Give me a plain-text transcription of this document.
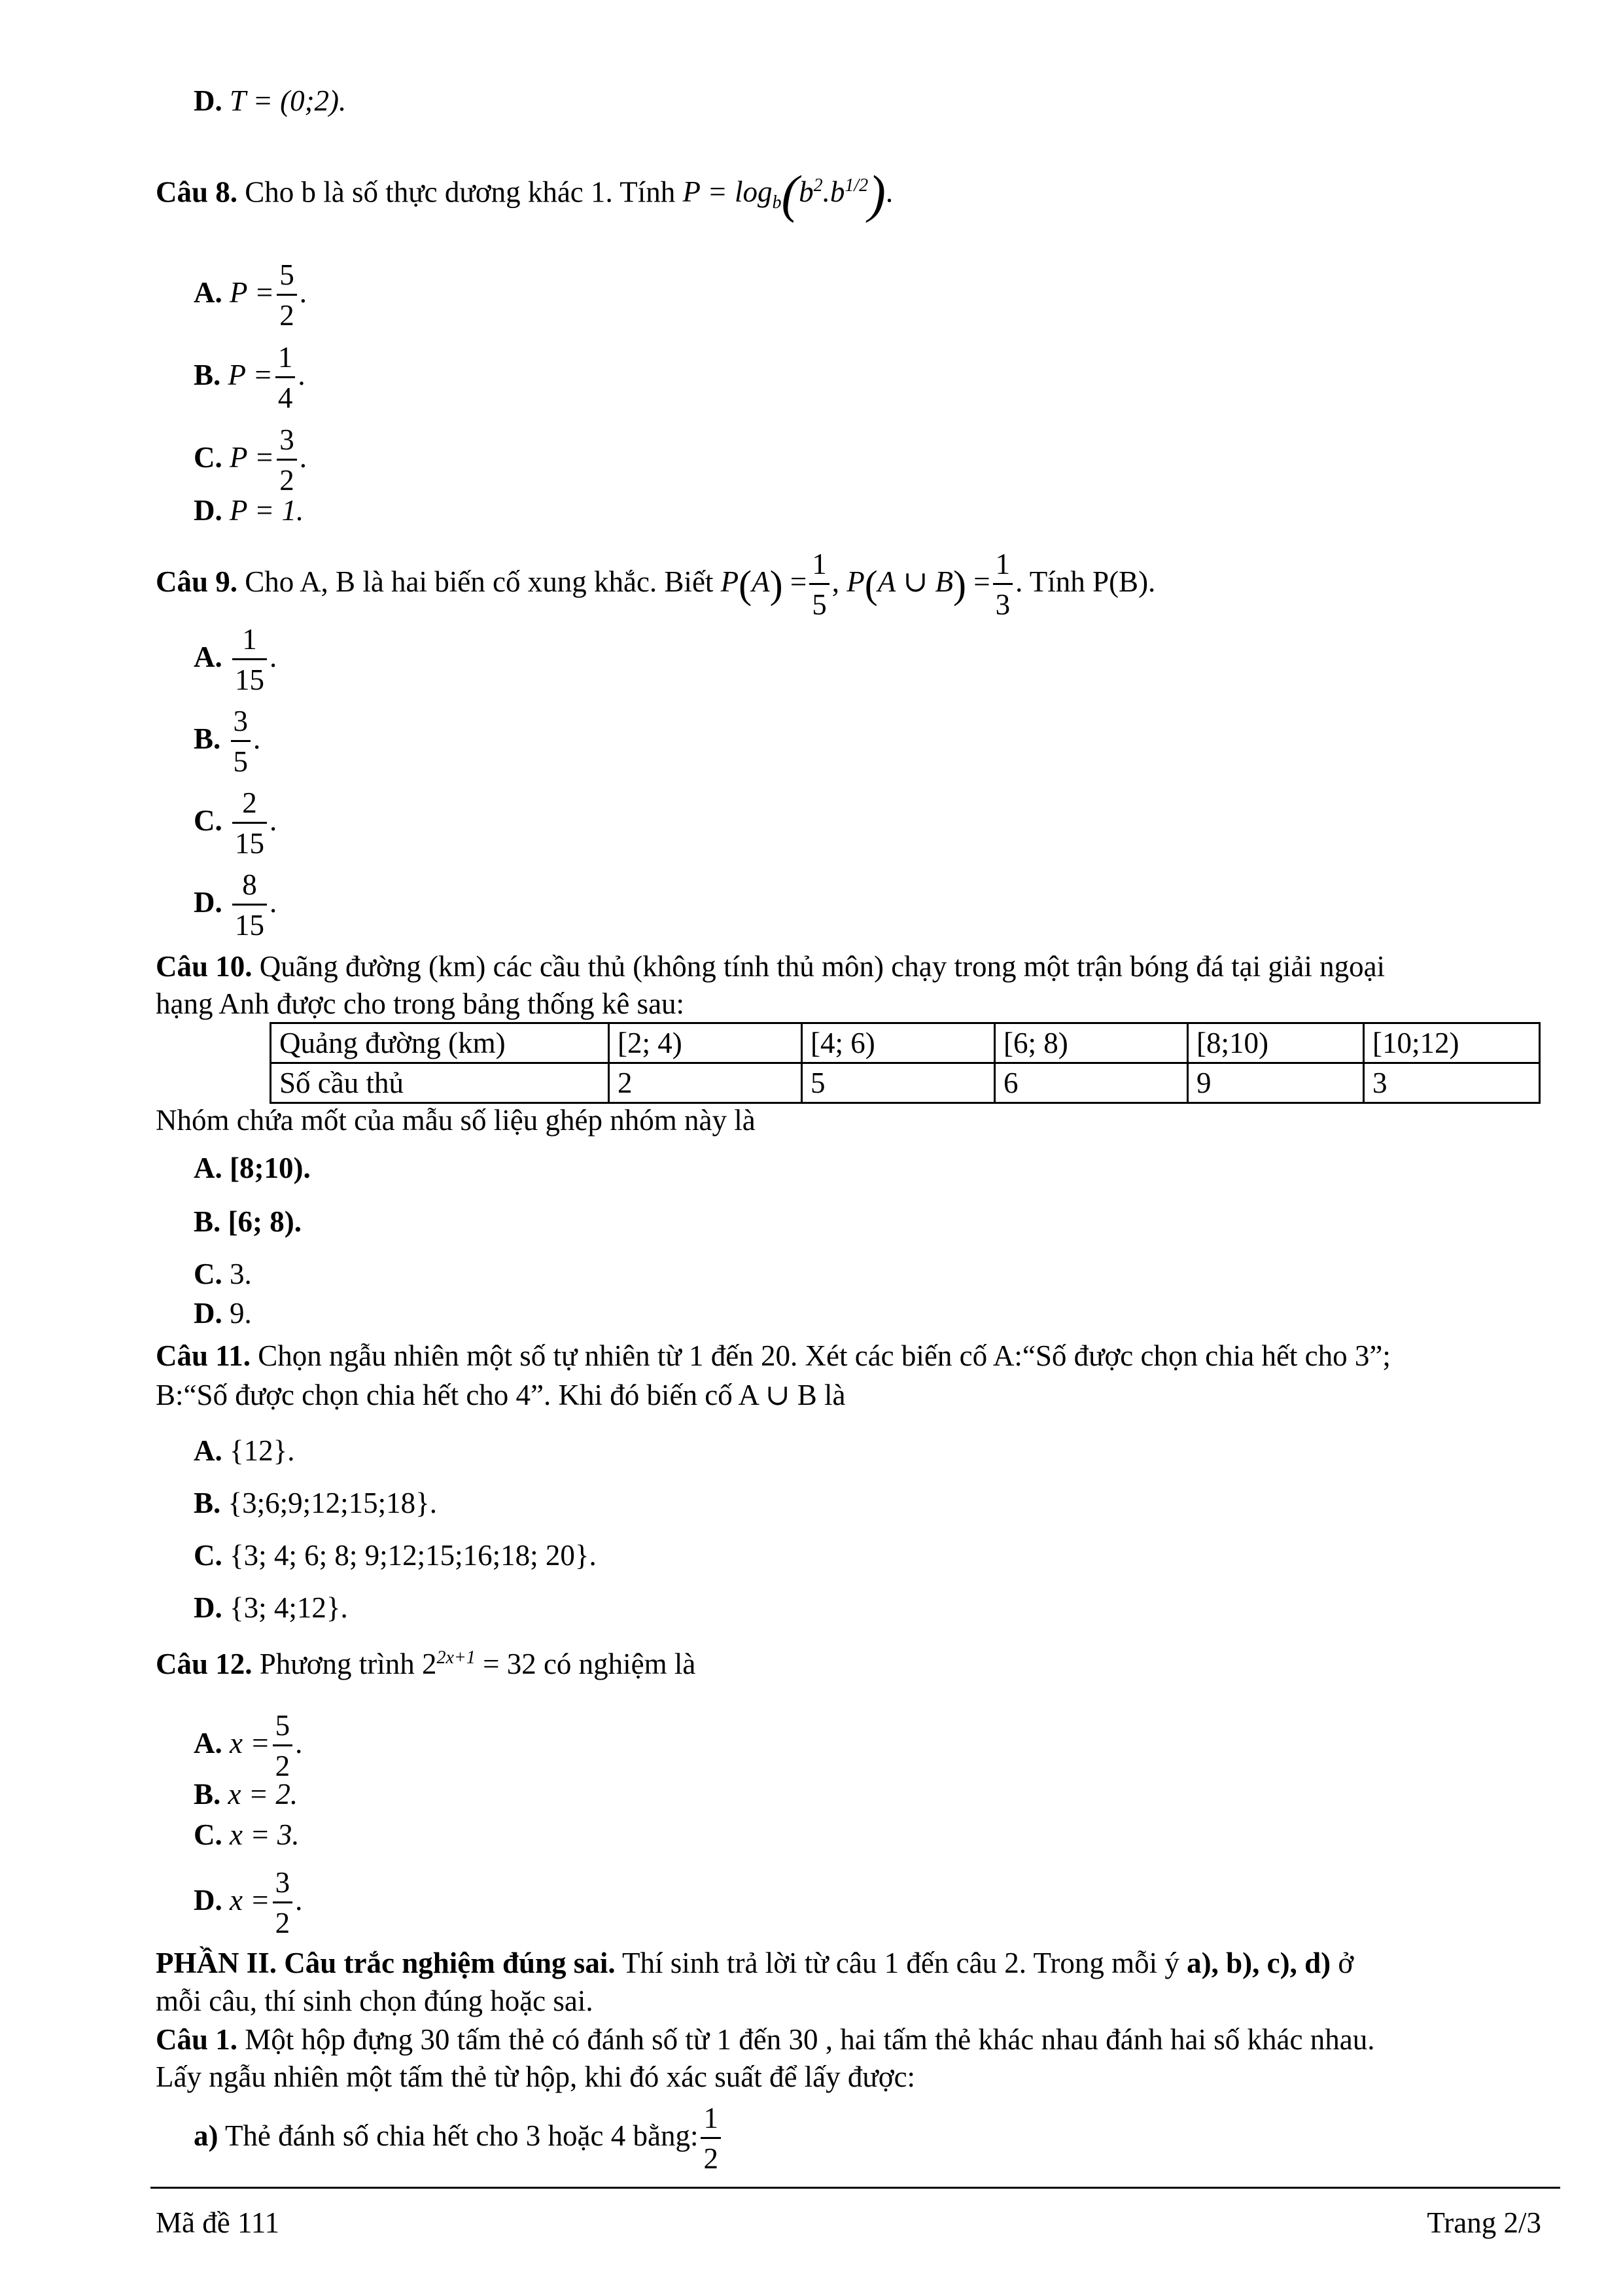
D. T = (0;2).
Câu 8. Cho b là số thực dương khác 1. Tính $P = \log_b(b^2.b^{1/2})$.
A. $P = \frac{5}{2}$ .
B. $P = \frac{1}{4}$ .
C. $P = \frac{3}{2}$ .
D. P = 1.
Câu 9. Cho A, B là hai biến cố xung khắc. Biết $P(A) = \frac{1}{5}$ , P(A ∪ $B) = \frac{1}{3}$ . Tính P(B).
A. $\frac{1}{15}$ .
B. $\frac{3}{5}$ .
C. $\frac{2}{15}$ .
D. $\frac{8}{15}$ .
Câu 10. Quãng đường (km) các cầu thủ (không tính thủ môn) chạy trong một trận bóng đá tại giải ngoại
hạng Anh được cho trong bảng thống kê sau:
Quảng đường (km)	[2; 4)	[4; 6)	[6; 8)	[8;10)	[10;12)
Số cầu thủ	2	5	6	9	3
Nhóm chứa mốt của mẫu số liệu ghép nhóm này là
A. [8;10).
B. [6; 8).
C. 3.
D. 9.
Câu 11. Chọn ngẫu nhiên một số tự nhiên từ 1 đến 20. Xét các biến cố A:“Số được chọn chia hết cho 3”;
B:“Số được chọn chia hết cho 4”. Khi đó biến cố A ∪ B là
A. {12}.
B. {3;6;9;12;15;18}.
C. {3; 4; 6; 8; 9;12;15;16;18; 20}.
D. {3; 4;12}.
Câu 12. Phương trình $2^{2x+1} = 32$ có nghiệm là
A. $x = \frac{5}{2}$ .
B. x = 2.
C. x = 3.
D. $x = \frac{3}{2}$ .
PHẦN II. Câu trắc nghiệm đúng sai. Thí sinh trả lời từ câu 1 đến câu 2. Trong mỗi ý a), b), c), d) ở
mỗi câu, thí sinh chọn đúng hoặc sai.
Câu 1. Một hộp đựng 30 tấm thẻ có đánh số từ 1 đến 30 , hai tấm thẻ khác nhau đánh hai số khác nhau.
Lấy ngẫu nhiên một tấm thẻ từ hộp, khi đó xác suất để lấy được:
a) Thẻ đánh số chia hết cho 3 hoặc 4 bằng: $\frac{1}{2}$
Mã đề 111	Trang 2/3
